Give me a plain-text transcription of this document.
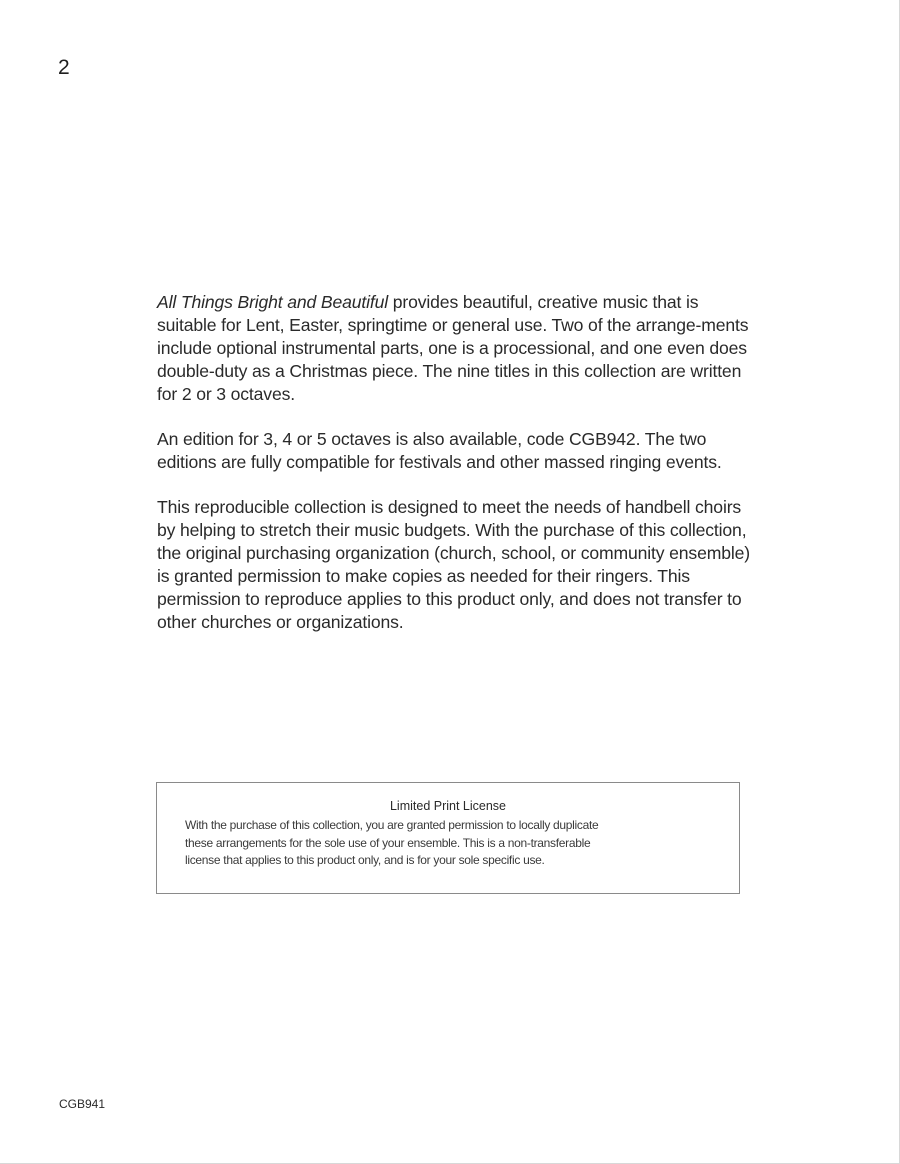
2

All Things Bright and Beautiful provides beautiful, creative music that is suitable for Lent, Easter, springtime or general use. Two of the arrange-ments include optional instrumental parts, one is a processional, and one even does double-duty as a Christmas piece. The nine titles in this collection are written for 2 or 3 octaves.

An edition for 3, 4 or 5 octaves is also available, code CGB942. The two editions are fully compatible for festivals and other massed ringing events.

This reproducible collection is designed to meet the needs of handbell choirs by helping to stretch their music budgets. With the purchase of this collection, the original purchasing organization (church, school, or community ensemble) is granted permission to make copies as needed for their ringers. This permission to reproduce applies to this product only, and does not transfer to other churches or organizations.

Limited Print License
With the purchase of this collection, you are granted permission to locally duplicate
these arrangements for the sole use of your ensemble. This is a non-transferable
license that applies to this product only, and is for your sole specific use.
CGB941
